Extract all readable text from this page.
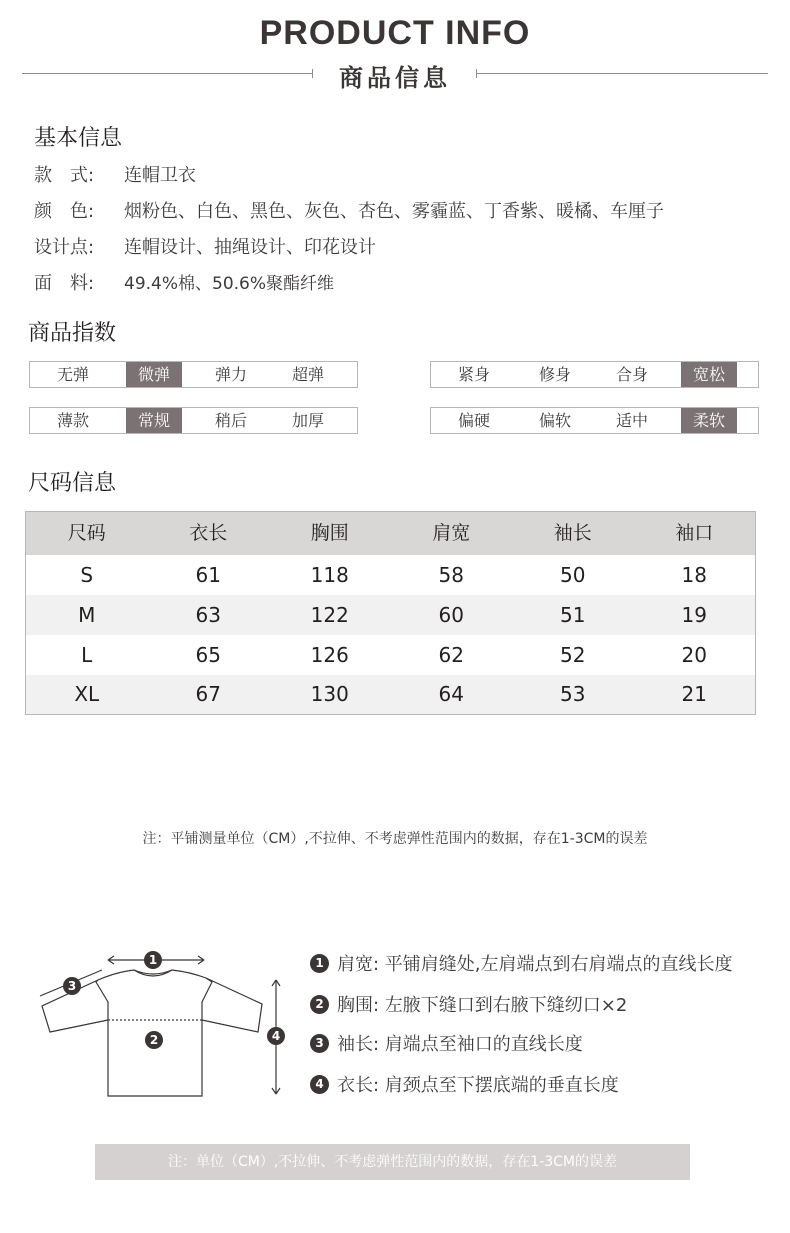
PRODUCT INFO
商品信息
基本信息
款　式: 连帽卫衣
颜　色: 烟粉色、白色、黑色、灰色、杏色、雾霾蓝、丁香紫、暖橘、车厘子
设计点: 连帽设计、抽绳设计、印花设计
面　料: 49.4%棉、50.6%聚酯纤维
商品指数
无弹	微弹	弹力	超弹	紧身	修身	合身	宽松
薄款	常规	稍后	加厚	偏硬	偏软	适中	柔软
尺码信息
尺码	衣长	胸围	肩宽	袖长	袖口
S	61	118	58	50	18
M	63	122	60	51	19
L	65	126	62	52	20
XL	67	130	64	53	21
注：平铺测量单位（CM）,不拉伸、不考虑弹性范围内的数据，存在1-3CM的误差
1
2
3
4
1 肩宽: 平铺肩缝处,左肩端点到右肩端点的直线长度
2 胸围: 左腋下缝口到右腋下缝纫口×2
3 袖长: 肩端点至袖口的直线长度
4 衣长: 肩颈点至下摆底端的垂直长度
注：单位（CM）,不拉伸、不考虑弹性范围内的数据，存在1-3CM的误差
